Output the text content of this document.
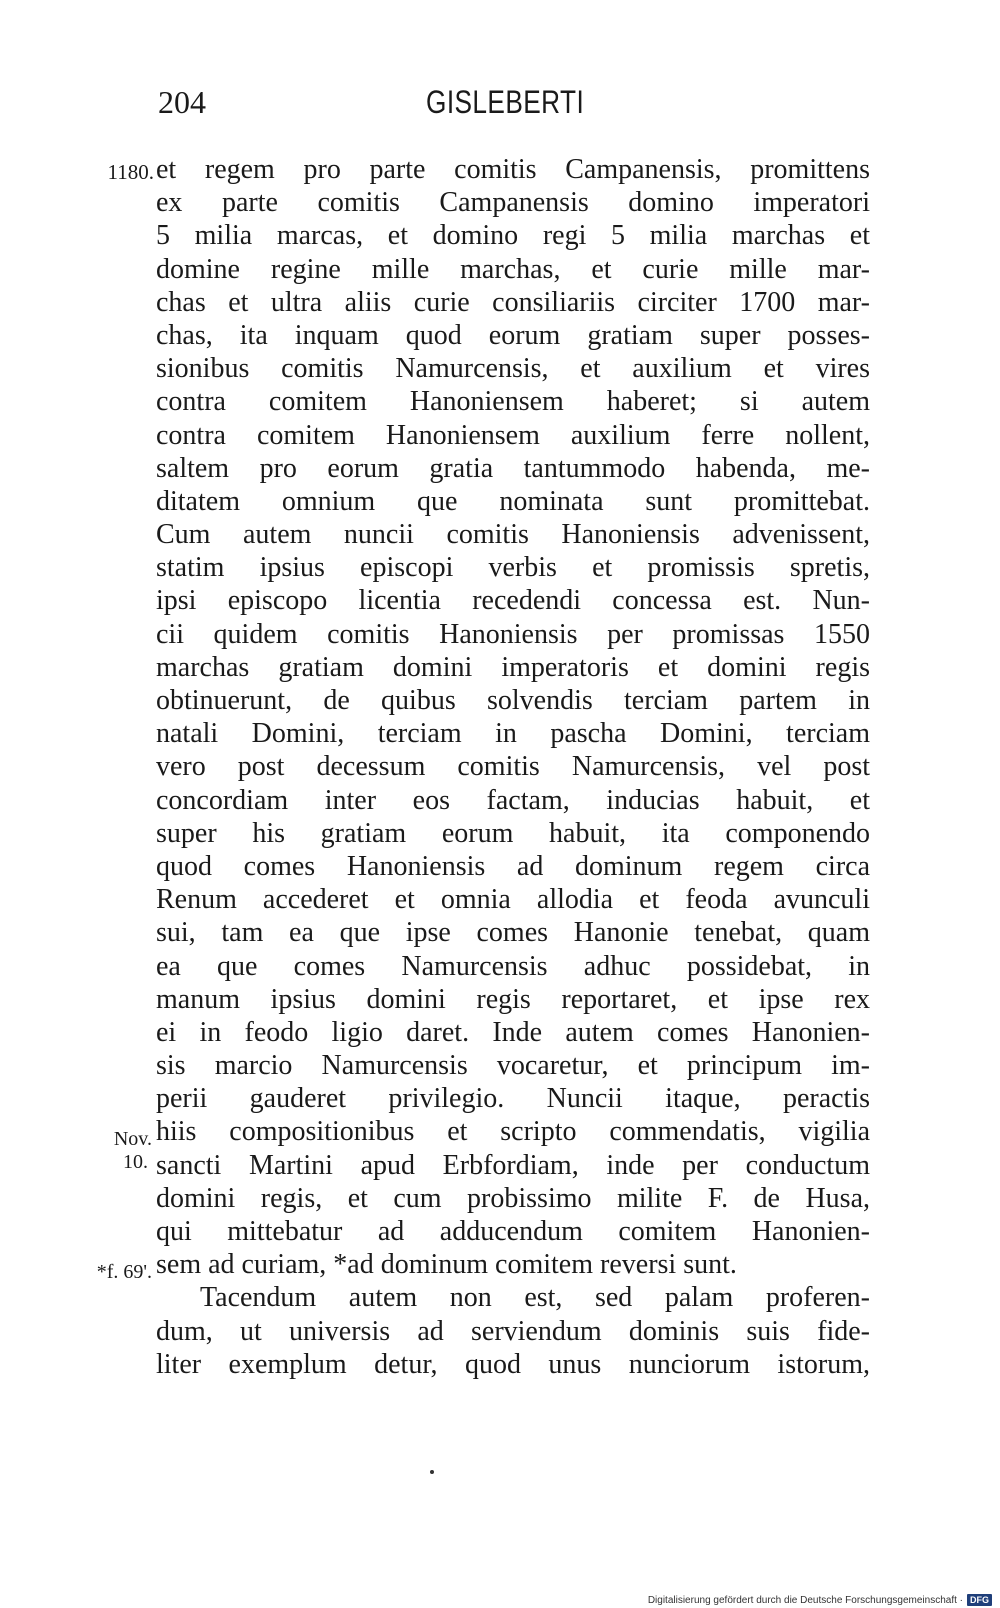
204	GISLEBERTI
1180.
Nov.
10.
*f. 69'.
et regem pro parte comitis Campanensis, promittens
ex parte comitis Campanensis domino imperatori
5 milia marcas, et domino regi 5 milia marchas et
domine regine mille marchas, et curie mille mar-
chas et ultra aliis curie consiliariis circiter 1700 mar-
chas, ita inquam quod eorum gratiam super posses-
sionibus comitis Namurcensis, et auxilium et vires
contra comitem Hanoniensem haberet; si autem
contra comitem Hanoniensem auxilium ferre nollent,
saltem pro eorum gratia tantummodo habenda, me-
ditatem omnium que nominata sunt promittebat.
Cum autem nuncii comitis Hanoniensis advenissent,
statim ipsius episcopi verbis et promissis spretis,
ipsi episcopo licentia recedendi concessa est. Nun-
cii quidem comitis Hanoniensis per promissas 1550
marchas gratiam domini imperatoris et domini regis
obtinuerunt, de quibus solvendis terciam partem in
natali Domini, terciam in pascha Domini, terciam
vero post decessum comitis Namurcensis, vel post
concordiam inter eos factam, inducias habuit, et
super his gratiam eorum habuit, ita componendo
quod comes Hanoniensis ad dominum regem circa
Renum accederet et omnia allodia et feoda avunculi
sui, tam ea que ipse comes Hanonie tenebat, quam
ea que comes Namurcensis adhuc possidebat, in
manum ipsius domini regis reportaret, et ipse rex
ei in feodo ligio daret. Inde autem comes Hanonien-
sis marcio Namurcensis vocaretur, et principum im-
perii gauderet privilegio. Nuncii itaque, peractis
hiis compositionibus et scripto commendatis, vigilia
sancti Martini apud Erbfordiam, inde per conductum
domini regis, et cum probissimo milite F. de Husa,
qui mittebatur ad adducendum comitem Hanonien-
sem ad curiam, *ad dominum comitem reversi sunt.
Tacendum autem non est, sed palam proferen-
dum, ut universis ad serviendum dominis suis fide-
liter exemplum detur, quod unus nunciorum istorum,
Digitalisierung gefördert durch die Deutsche Forschungsgemeinschaft · DFG
